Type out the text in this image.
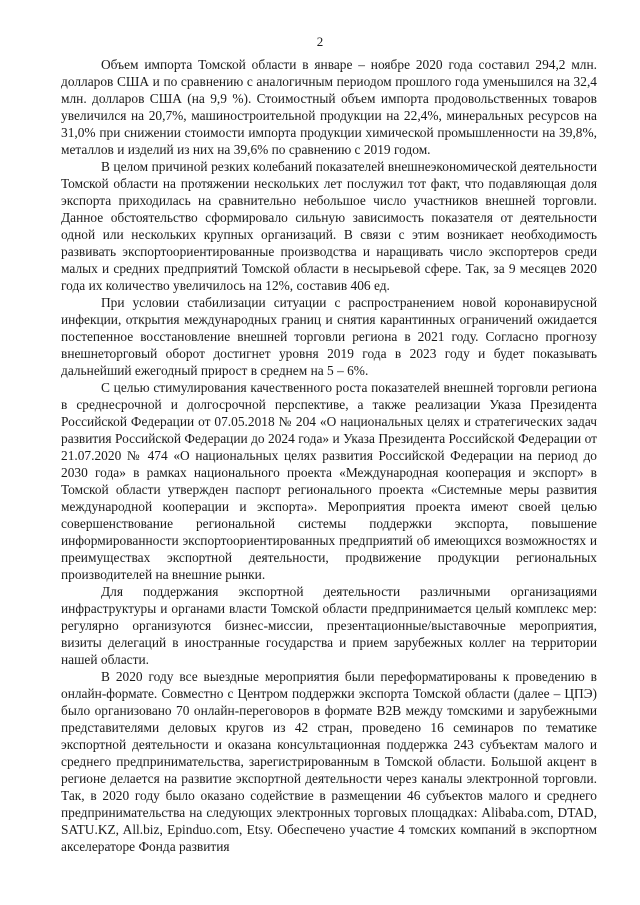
2

Объем импорта Томской области в январе – ноябре 2020 года составил 294,2 млн. долларов США и по сравнению с аналогичным периодом прошлого года уменьшился на 32,4 млн. долларов США (на 9,9 %). Стоимостный объем импорта продовольственных товаров увеличился на 20,7%, машиностроительной продукции на 22,4%, минеральных ресурсов на 31,0% при снижении стоимости импорта продукции химической промышленности на 39,8%, металлов и изделий из них на 39,6% по сравнению с 2019 годом.

В целом причиной резких колебаний показателей внешнеэкономической деятельности Томской области на протяжении нескольких лет послужил тот факт, что подавляющая доля экспорта приходилась на сравнительно небольшое число участников внешней торговли. Данное обстоятельство сформировало сильную зависимость показателя от деятельности одной или нескольких крупных организаций. В связи с этим возникает необходимость развивать экспортоориентированные производства и наращивать число экспортеров среди малых и средних предприятий Томской области в несырьевой сфере. Так, за 9 месяцев 2020 года их количество увеличилось на 12%, составив 406 ед.

При условии стабилизации ситуации с распространением новой коронавирусной инфекции, открытия международных границ и снятия карантинных ограничений ожидается постепенное восстановление внешней торговли региона в 2021 году. Согласно прогнозу внешнеторговый оборот достигнет уровня 2019 года в 2023 году и будет показывать дальнейший ежегодный прирост в среднем на 5 – 6%.

С целью стимулирования качественного роста показателей внешней торговли региона в среднесрочной и долгосрочной перспективе, а также реализации Указа Президента Российской Федерации от 07.05.2018 № 204 «О национальных целях и стратегических задач развития Российской Федерации до 2024 года» и Указа Президента Российской Федерации от 21.07.2020 № 474 «О национальных целях развития Российской Федерации на период до 2030 года» в рамках национального проекта «Международная кооперация и экспорт» в Томской области утвержден паспорт регионального проекта «Системные меры развития международной кооперации и экспорта». Мероприятия проекта имеют своей целью совершенствование региональной системы поддержки экспорта, повышение информированности экспортоориентированных предприятий об имеющихся возможностях и преимуществах экспортной деятельности, продвижение продукции региональных производителей на внешние рынки.

Для поддержания экспортной деятельности различными организациями инфраструктуры и органами власти Томской области предпринимается целый комплекс мер: регулярно организуются бизнес-миссии, презентационные/выставочные мероприятия, визиты делегаций в иностранные государства и прием зарубежных коллег на территории нашей области.

В 2020 году все выездные мероприятия были переформатированы к проведению в онлайн-формате. Совместно с Центром поддержки экспорта Томской области (далее – ЦПЭ) было организовано 70 онлайн-переговоров в формате B2B между томскими и зарубежными представителями деловых кругов из 42 стран, проведено 16 семинаров по тематике экспортной деятельности и оказана консультационная поддержка 243 субъектам малого и среднего предпринимательства, зарегистрированным в Томской области. Большой акцент в регионе делается на развитие экспортной деятельности через каналы электронной торговли. Так, в 2020 году было оказано содействие в размещении 46 субъектов малого и среднего предпринимательства на следующих электронных торговых площадках: Alibaba.com, DTAD, SATU.KZ, All.biz, Epinduo.com, Etsy. Обеспечено участие 4 томских компаний в экспортном акселераторе Фонда развития
